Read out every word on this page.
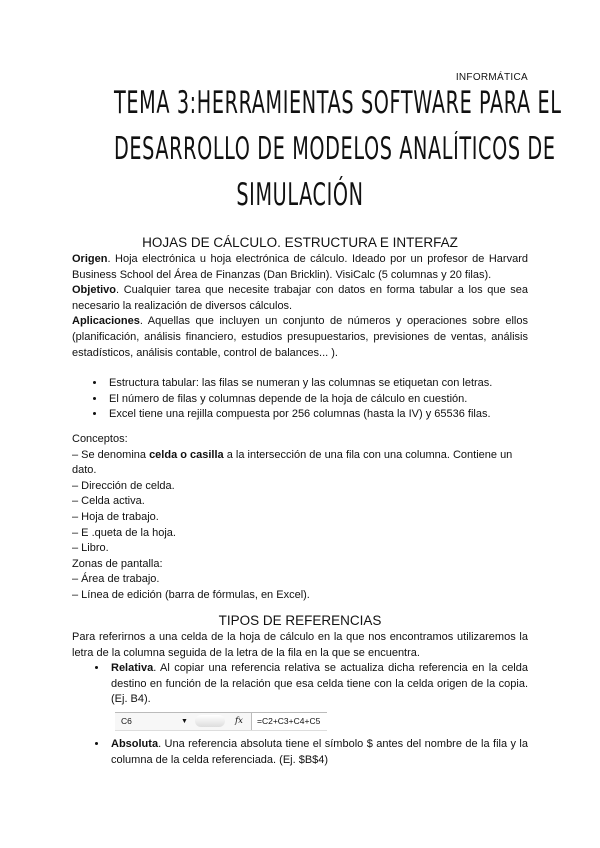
INFORMÁTICA
TEMA 3:HERRAMIENTAS SOFTWARE PARA EL
DESARROLLO DE MODELOS ANALÍTICOS DE
SIMULACIÓN
HOJAS DE CÁLCULO. ESTRUCTURA E INTERFAZ
Origen. Hoja electrónica u hoja electrónica de cálculo. Ideado por un profesor de Harvard Business School del Área de Finanzas (Dan Bricklin). VisiCalc (5 columnas y 20 filas).
Objetivo. Cualquier tarea que necesite trabajar con datos en forma tabular a los que sea necesario la realización de diversos cálculos.
Aplicaciones. Aquellas que incluyen un conjunto de números y operaciones sobre ellos (planificación, análisis financiero, estudios presupuestarios, previsiones de ventas, análisis estadísticos, análisis contable, control de balances... ).
• Estructura tabular: las filas se numeran y las columnas se etiquetan con letras.
• El número de filas y columnas depende de la hoja de cálculo en cuestión.
• Excel tiene una rejilla compuesta por 256 columnas (hasta la IV) y 65536 filas.
Conceptos:
– Se denomina celda o casilla a la intersección de una fila con una columna. Contiene un dato.
– Dirección de celda.
– Celda activa.
– Hoja de trabajo.
– E .queta de la hoja.
– Libro.
Zonas de pantalla:
– Área de trabajo.
– Línea de edición (barra de fórmulas, en Excel).
TIPOS DE REFERENCIAS
Para referirnos a una celda de la hoja de cálculo en la que nos encontramos utilizaremos la letra de la columna seguida de la letra de la fila en la que se encuentra.
• Relativa. Al copiar una referencia relativa se actualiza dicha referencia en la celda destino en función de la relación que esa celda tiene con la celda origen de la copia. (Ej. B4).
C6	▼	fx	=C2+C3+C4+C5
• Absoluta. Una referencia absoluta tiene el símbolo $ antes del nombre de la fila y la columna de la celda referenciada. (Ej. $B$4)
